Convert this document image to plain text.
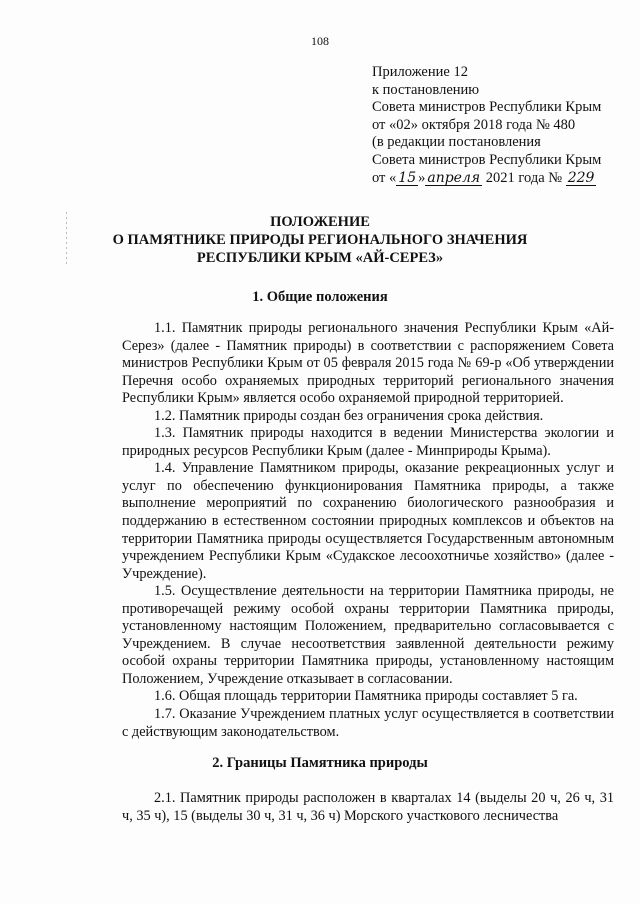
108
Приложение 12
к постановлению
Совета министров Республики Крым
от «02» октября 2018 года № 480
(в редакции постановления
Совета министров Республики Крым
от « 15 » апреля 2021 года № 229
ПОЛОЖЕНИЕ
О ПАМЯТНИКЕ ПРИРОДЫ РЕГИОНАЛЬНОГО ЗНАЧЕНИЯ
РЕСПУБЛИКИ КРЫМ «АЙ-СЕРЕЗ»
1. Общие положения

1.1. Памятник природы регионального значения Республики Крым «Ай-Серез» (далее - Памятник природы) в соответствии с распоряжением Совета министров Республики Крым от 05 февраля 2015 года № 69-р «Об утверждении Перечня особо охраняемых природных территорий регионального значения Республики Крым» является особо охраняемой природной территорией.

1.2. Памятник природы создан без ограничения срока действия.

1.3. Памятник природы находится в ведении Министерства экологии и природных ресурсов Республики Крым (далее - Минприроды Крыма).

1.4. Управление Памятником природы, оказание рекреационных услуг и услуг по обеспечению функционирования Памятника природы, а также выполнение мероприятий по сохранению биологического разнообразия и поддержанию в естественном состоянии природных комплексов и объектов на территории Памятника природы осуществляется Государственным автономным учреждением Республики Крым «Судакское лесоохотничье хозяйство» (далее - Учреждение).

1.5. Осуществление деятельности на территории Памятника природы, не противоречащей режиму особой охраны территории Памятника природы, установленному настоящим Положением, предварительно согласовывается с Учреждением. В случае несоответствия заявленной деятельности режиму особой охраны территории Памятника природы, установленному настоящим Положением, Учреждение отказывает в согласовании.

1.6. Общая площадь территории Памятника природы составляет 5 га.

1.7. Оказание Учреждением платных услуг осуществляется в соответствии с действующим законодательством.

2. Границы Памятника природы

2.1. Памятник природы расположен в кварталах 14 (выделы 20 ч, 26 ч, 31 ч, 35 ч), 15 (выделы 30 ч, 31 ч, 36 ч) Морского участкового лесничества
